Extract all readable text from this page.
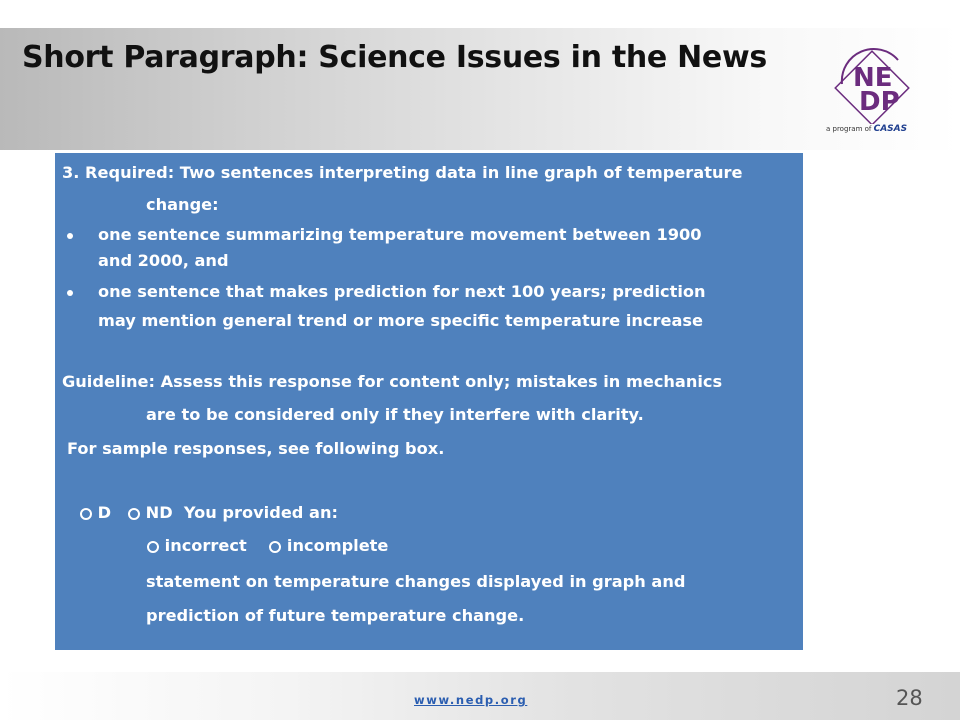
Short Paragraph: Science Issues in the News
NE
DP
a program of CASAS
3. Required: Two sentences interpreting data in line graph of temperature
change:
one sentence summarizing temperature movement between 1900
and 2000, and
one sentence that makes prediction for next 100 years; prediction
may mention general trend or more specific temperature increase
Guideline: Assess this response for content only; mistakes in mechanics
are to be considered only if they interfere with clarity.
For sample responses, see following box.
D ND You provided an:
incorrect incomplete
statement on temperature changes displayed in graph and
prediction of future temperature change.
www.nedp.org	28
